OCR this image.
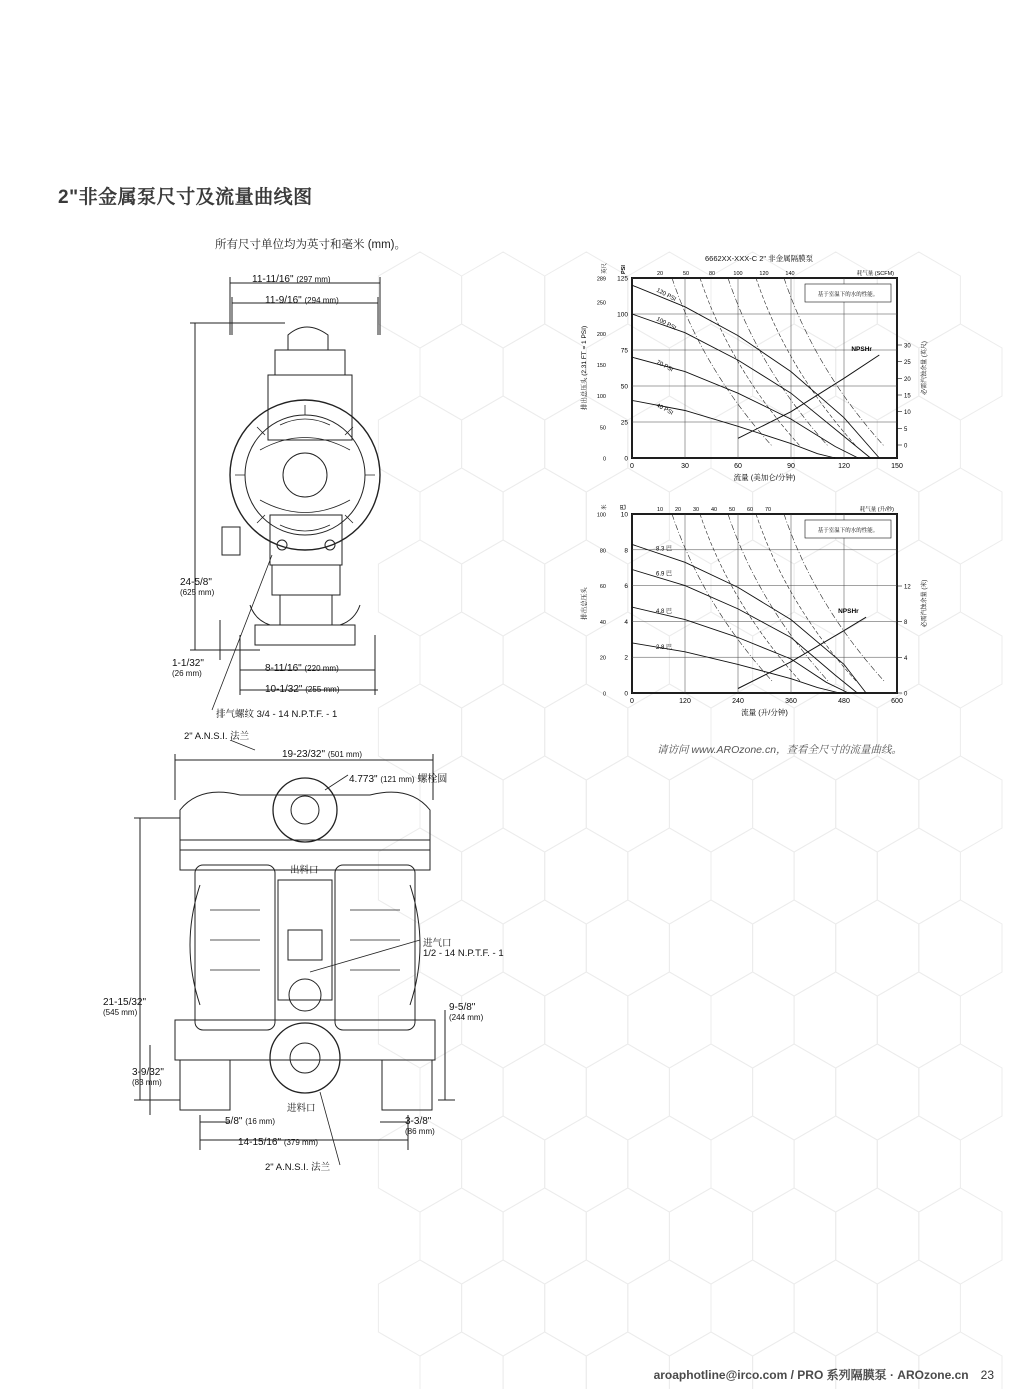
2"非金属泵尺寸及流量曲线图
所有尺寸单位均为英寸和毫米 (mm)。
11-11/16" (297 mm)
11-9/16" (294 mm)
24-5/8"
(625 mm)
1-1/32"
(26 mm)	8-11/16" (220 mm)
10-1/32" (255 mm)
排气螺纹 3/4 - 14 N.P.T.F. - 1
2" A.N.S.I. 法兰
19-23/32" (501 mm)
4.773" (121 mm) 螺栓圆
出料口
进气口
1/2 - 14 N.P.T.F. - 1
21-15/32"
(545 mm)	9-5/8"
(244 mm)
3-9/32"
(83 mm)
进料口
5/8" (16 mm)	3-3/8"
(86 mm)
14-15/16" (379 mm)
2" A.N.S.I. 法兰
6662XX-XXX-C 2" 非金属隔膜泵
0	30	60	90	120	150
0
25
50
75
100
125
0
50
100
150
200
250
289
0
5
10
15
20
25
30
20	50	80	100	120	140	耗气量 (SCFM)
流量 (美加仑/分钟)
排出总压头 (2.31 FT = 1 PSI)
英尺 PSI
必需汽蚀余量 (英尺)
基于室温下的水的性能。
120 PSI
100 PSI
70 PSI
40 PSI
NPSHr
0	120	240	360	480	600
0
2
4
6
8
10
0
20
40
60
80
100
0
4
8
12
10 20 30 40 50 60 70	耗气量 (升/秒)
流量 (升/分钟)
排出总压头
米 巴
必需汽蚀余量 (米)
基于室温下的水的性能。
8.3 巴
6.9 巴
4.8 巴
2.8 巴
NPSHr
请访问 www.AROzone.cn，查看全尺寸的流量曲线。
aroaphotline@irco.com / PRO 系列隔膜泵 · AROzone.cn 23
